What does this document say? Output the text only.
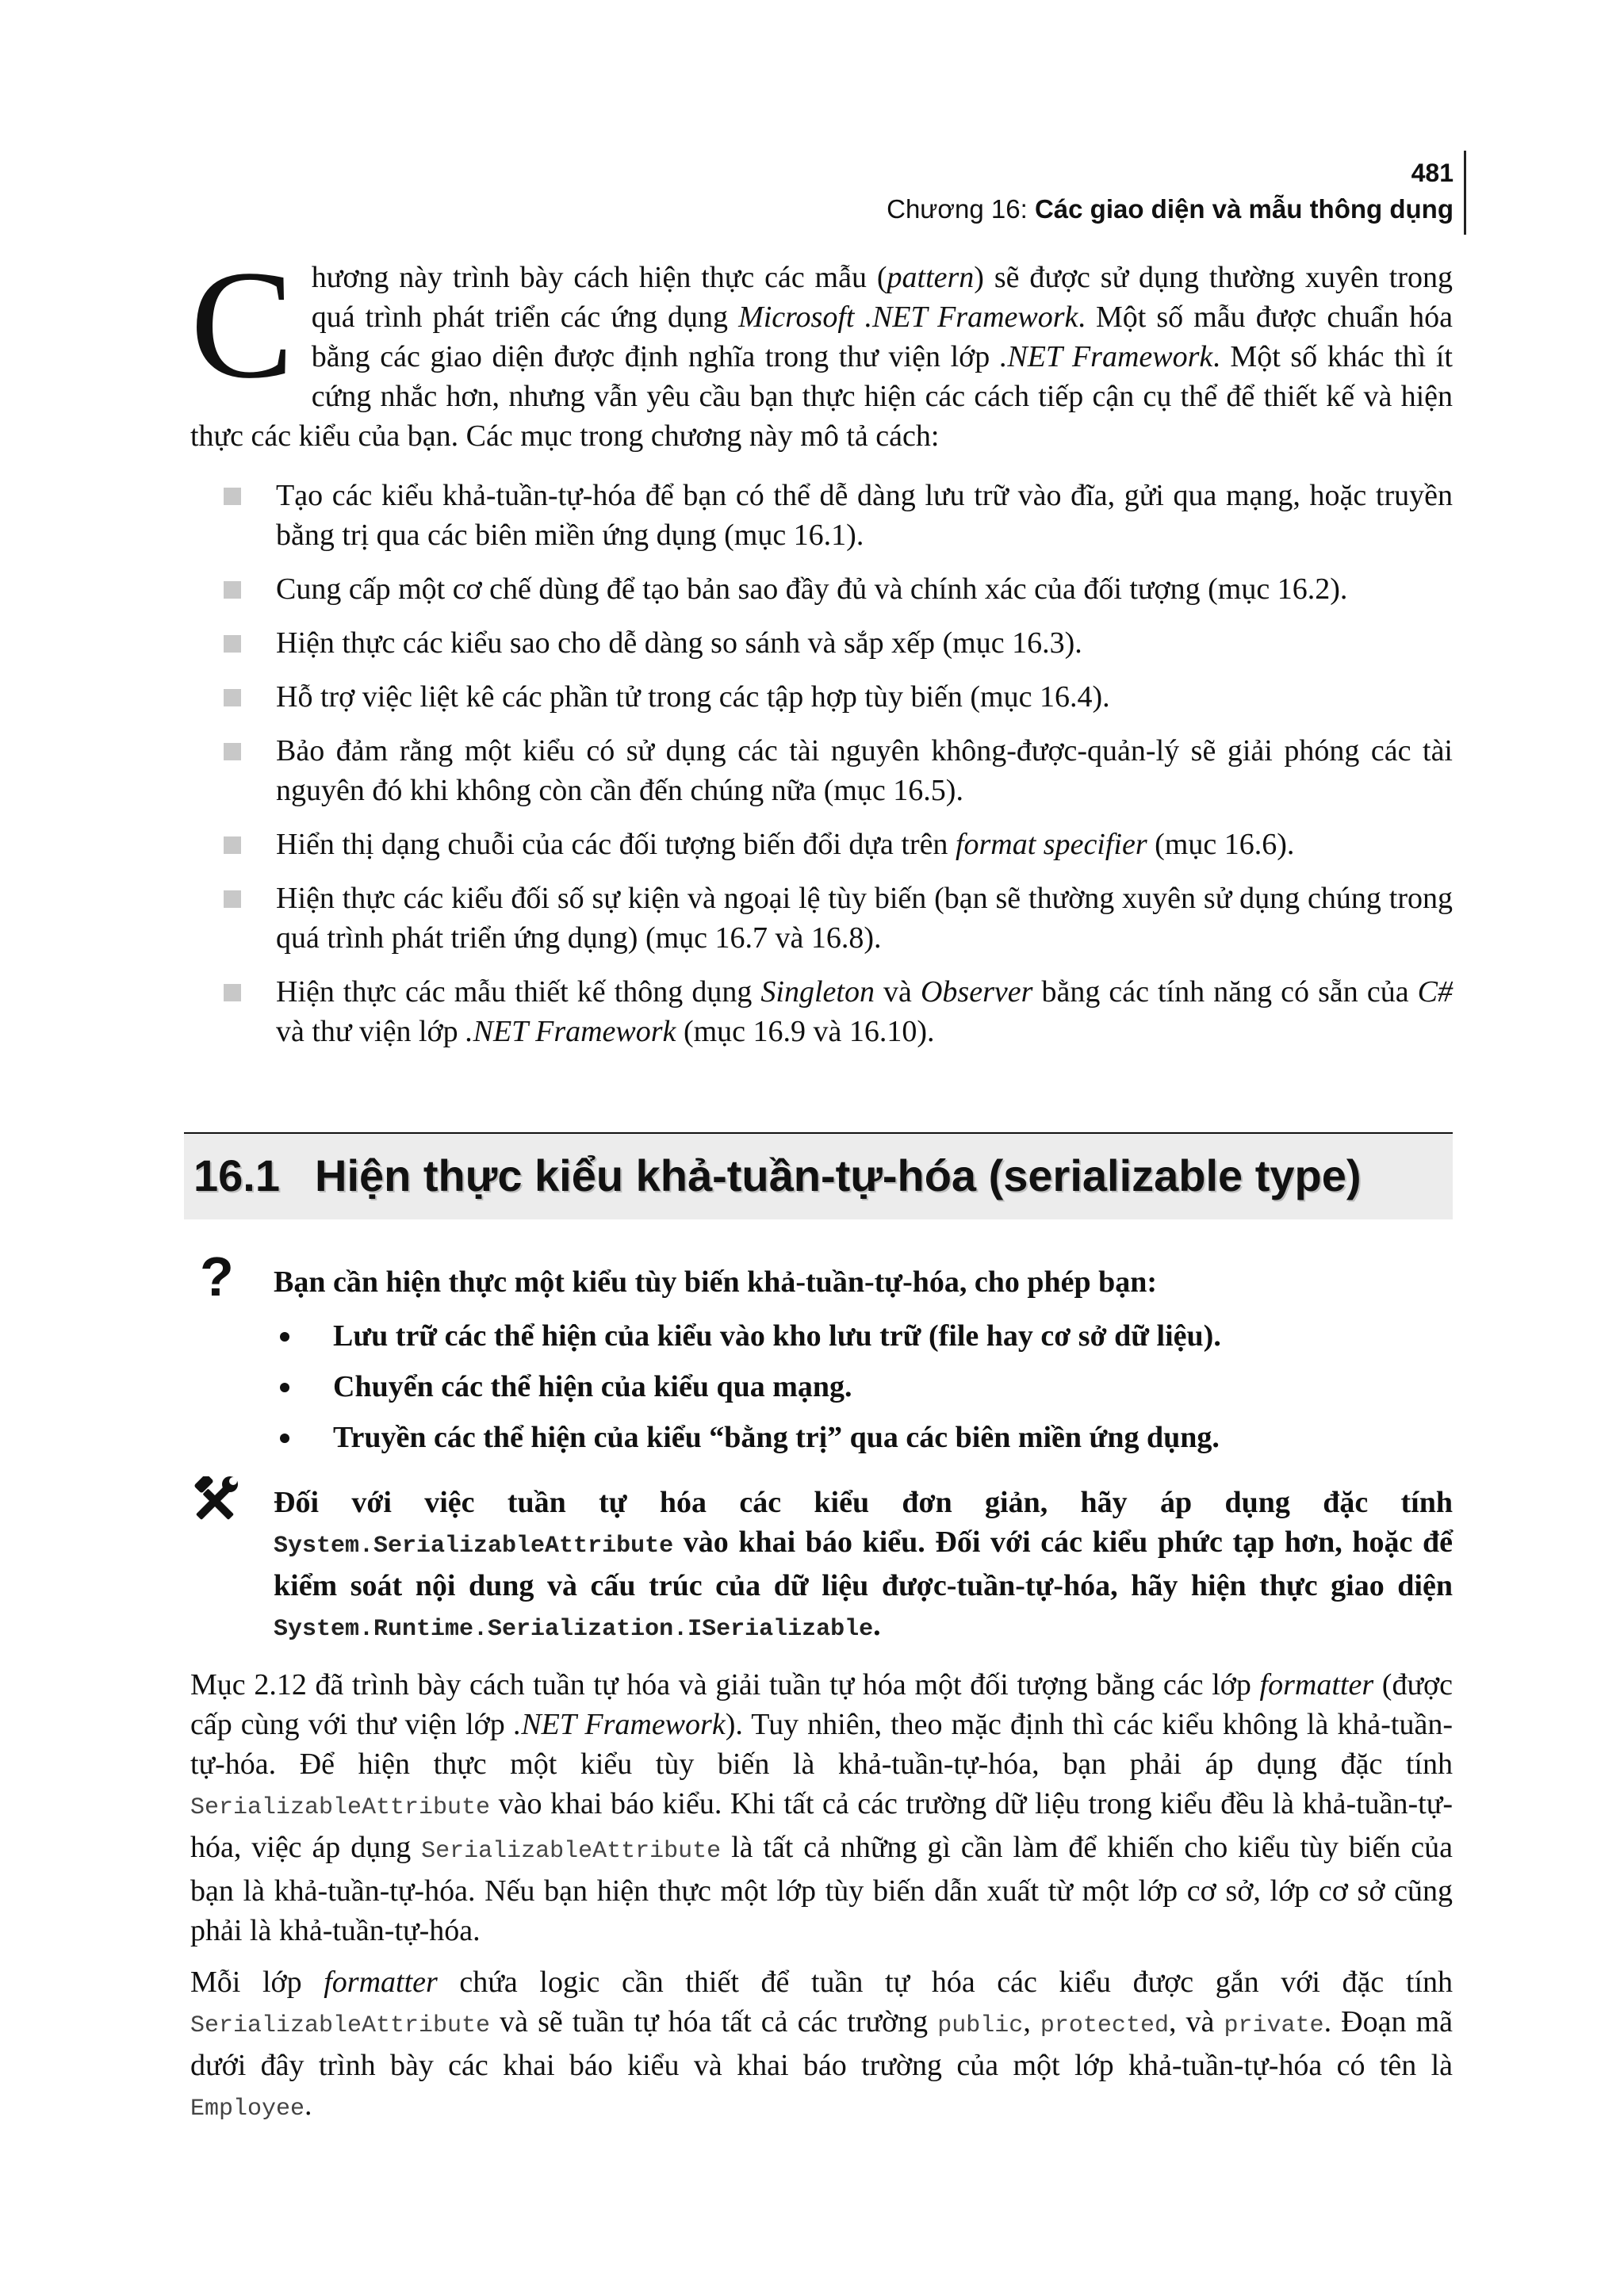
481
Chương 16: Các giao diện và mẫu thông dụng
Chương này trình bày cách hiện thực các mẫu (pattern) sẽ được sử dụng thường xuyên trong quá trình phát triển các ứng dụng Microsoft .NET Framework. Một số mẫu được chuẩn hóa bằng các giao diện được định nghĩa trong thư viện lớp .NET Framework. Một số khác thì ít cứng nhắc hơn, nhưng vẫn yêu cầu bạn thực hiện các cách tiếp cận cụ thể để thiết kế và hiện thực các kiểu của bạn. Các mục trong chương này mô tả cách:
Tạo các kiểu khả-tuần-tự-hóa để bạn có thể dễ dàng lưu trữ vào đĩa, gửi qua mạng, hoặc truyền bằng trị qua các biên miền ứng dụng (mục 16.1).
Cung cấp một cơ chế dùng để tạo bản sao đầy đủ và chính xác của đối tượng (mục 16.2).
Hiện thực các kiểu sao cho dễ dàng so sánh và sắp xếp (mục 16.3).
Hỗ trợ việc liệt kê các phần tử trong các tập hợp tùy biến (mục 16.4).
Bảo đảm rằng một kiểu có sử dụng các tài nguyên không-được-quản-lý sẽ giải phóng các tài nguyên đó khi không còn cần đến chúng nữa (mục 16.5).
Hiển thị dạng chuỗi của các đối tượng biến đổi dựa trên format specifier (mục 16.6).
Hiện thực các kiểu đối số sự kiện và ngoại lệ tùy biến (bạn sẽ thường xuyên sử dụng chúng trong quá trình phát triển ứng dụng) (mục 16.7 và 16.8).
Hiện thực các mẫu thiết kế thông dụng Singleton và Observer bằng các tính năng có sẵn của C# và thư viện lớp .NET Framework (mục 16.9 và 16.10).
16.1 Hiện thực kiểu khả-tuần-tự-hóa (serializable type)
? Bạn cần hiện thực một kiểu tùy biến khả-tuần-tự-hóa, cho phép bạn:
Lưu trữ các thể hiện của kiểu vào kho lưu trữ (file hay cơ sở dữ liệu).
Chuyển các thể hiện của kiểu qua mạng.
Truyền các thể hiện của kiểu “bằng trị” qua các biên miền ứng dụng.
Đối với việc tuần tự hóa các kiểu đơn giản, hãy áp dụng đặc tính System.SerializableAttribute vào khai báo kiểu. Đối với các kiểu phức tạp hơn, hoặc để kiểm soát nội dung và cấu trúc của dữ liệu được-tuần-tự-hóa, hãy hiện thực giao diện System.Runtime.Serialization.ISerializable.
Mục 2.12 đã trình bày cách tuần tự hóa và giải tuần tự hóa một đối tượng bằng các lớp formatter (được cấp cùng với thư viện lớp .NET Framework). Tuy nhiên, theo mặc định thì các kiểu không là khả-tuần-tự-hóa. Để hiện thực một kiểu tùy biến là khả-tuần-tự-hóa, bạn phải áp dụng đặc tính SerializableAttribute vào khai báo kiểu. Khi tất cả các trường dữ liệu trong kiểu đều là khả-tuần-tự-hóa, việc áp dụng SerializableAttribute là tất cả những gì cần làm để khiến cho kiểu tùy biến của bạn là khả-tuần-tự-hóa. Nếu bạn hiện thực một lớp tùy biến dẫn xuất từ một lớp cơ sở, lớp cơ sở cũng phải là khả-tuần-tự-hóa.
Mỗi lớp formatter chứa logic cần thiết để tuần tự hóa các kiểu được gắn với đặc tính SerializableAttribute và sẽ tuần tự hóa tất cả các trường public, protected, và private. Đoạn mã dưới đây trình bày các khai báo kiểu và khai báo trường của một lớp khả-tuần-tự-hóa có tên là Employee.
